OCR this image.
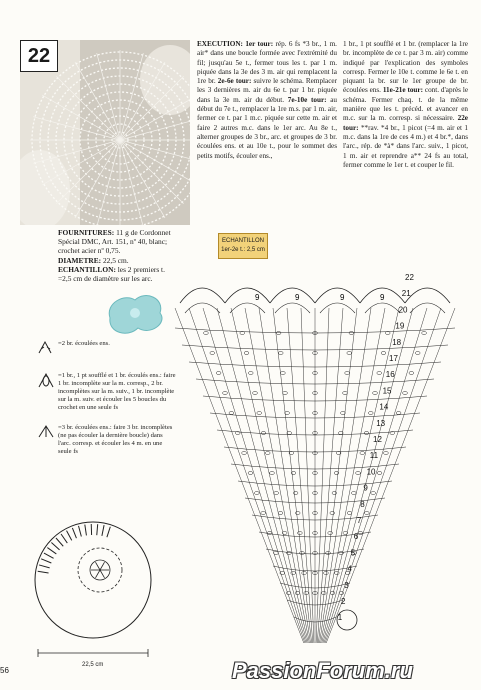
22
EXECUTION: 1er tour: rép. 6 fs *3 br., 1 m. air* dans une boucle formée avec l'extrémité du fil; jusqu'au 5e t., fermer tous les t. par 1 m. piquée dans la 3e des 3 m. air qui remplacent la 1re br. 2e-6e tour: suivre le schéma. Remplacer les 3 dernières m. air du 6e t. par 1 br. piquée dans la 3e m. air du début. 7e-10e tour: au début du 7e t., remplacer la 1re m.s. par 1 m. air, fermer ce t. par 1 m.c. piquée sur cette m. air et faire 2 autres m.c. dans le 1er arc. Au 8e t., alterner groupes de 3 br., arc. et groupes de 3 br. écoulées ens. et au 10e t., pour le sommet des petits motifs, écouler ens.,
1 br., 1 pt soufflé et 1 br. (remplacer la 1re br. incomplète de ce t. par 3 m. air) comme indiqué par l'explication des symboles corresp. Fermer le 10e t. comme le 6e t. en piquant la br. sur le 1er groupe de br. écoulées ens. 11e-21e tour: cont. d'après le schéma. Fermer chaq. t. de la même manière que les t. précéd. et avancer en m.c. sur la m. corresp. si nécessaire. 22e tour: **rav. *4 br., 1 picot (=4 m. air et 1 m.c. dans la 1re de ces 4 m.) et 4 br.*, dans l'arc., rép. de *à* dans l'arc. suiv., 1 picot, 1 m. air et reprendre a** 24 fs au total, fermer comme le 1er t. et couper le fil.
FOURNITURES: 11 g de Cordonnet Spécial DMC, Art. 151, nº 40, blanc; crochet acier nº 0,75.
DIAMETRE: 22,5 cm.
ECHANTILLON: les 2 premiers t. =2,5 cm de diamètre sur les arc.
ECHANTILLON
1er-2e t.: 2,5 cm
=2 br. écoulées ens.
=1 br., 1 pt soufflé et 1 br. écoulés ens.: faire 1 br. incomplète sur la m. corresp., 2 br. incomplètes sur la m. suiv., 1 br. incomplète sur la m. suiv. et écouler les 5 boucles du crochet en une seule fs
=3 br. écoulées ens.: faire 3 br. incomplètes (ne pas écouler la dernière boucle) dans l'arc. corresp. et écouler les 4 m. en une seule fs
22
21
20
19
18
17
16
15
14
13
12
11
10
9
8
7
6
5
4
3
2
1
9	9	9	9
22,5 cm
56	PassionForum.ru
